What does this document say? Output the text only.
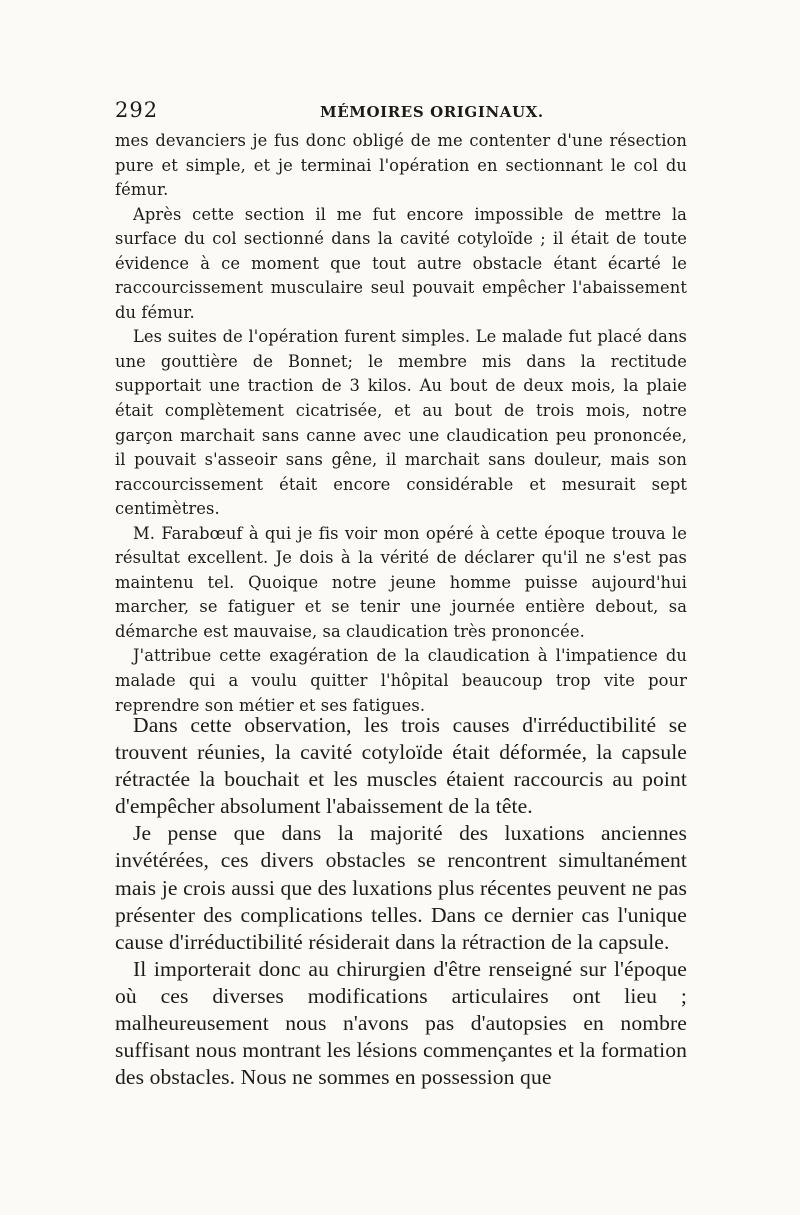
292	MÉMOIRES ORIGINAUX.

mes devanciers je fus donc obligé de me contenter d'une résection pure et simple, et je terminai l'opération en sectionnant le col du fémur.

Après cette section il me fut encore impossible de mettre la surface du col sectionné dans la cavité cotyloïde ; il était de toute évidence à ce moment que tout autre obstacle étant écarté le raccourcissement musculaire seul pouvait empêcher l'abaissement du fémur.

Les suites de l'opération furent simples. Le malade fut placé dans une gouttière de Bonnet; le membre mis dans la rectitude supportait une traction de 3 kilos. Au bout de deux mois, la plaie était complètement cicatrisée, et au bout de trois mois, notre garçon marchait sans canne avec une claudication peu prononcée, il pouvait s'asseoir sans gêne, il marchait sans douleur, mais son raccourcissement était encore considérable et mesurait sept centimètres.

M. Farabœuf à qui je fis voir mon opéré à cette époque trouva le résultat excellent. Je dois à la vérité de déclarer qu'il ne s'est pas maintenu tel. Quoique notre jeune homme puisse aujourd'hui marcher, se fatiguer et se tenir une journée entière debout, sa démarche est mauvaise, sa claudication très prononcée.

J'attribue cette exagération de la claudication à l'impatience du malade qui a voulu quitter l'hôpital beaucoup trop vite pour reprendre son métier et ses fatigues.

Dans cette observation, les trois causes d'irréductibilité se trouvent réunies, la cavité cotyloïde était déformée, la capsule rétractée la bouchait et les muscles étaient raccourcis au point d'empêcher absolument l'abaissement de la tête.

Je pense que dans la majorité des luxations anciennes invétérées, ces divers obstacles se rencontrent simultanément mais je crois aussi que des luxations plus récentes peuvent ne pas présenter des complications telles. Dans ce dernier cas l'unique cause d'irréductibilité résiderait dans la rétraction de la capsule.

Il importerait donc au chirurgien d'être renseigné sur l'époque où ces diverses modifications articulaires ont lieu ; malheureusement nous n'avons pas d'autopsies en nombre suffisant nous montrant les lésions commençantes et la formation des obstacles. Nous ne sommes en possession que
